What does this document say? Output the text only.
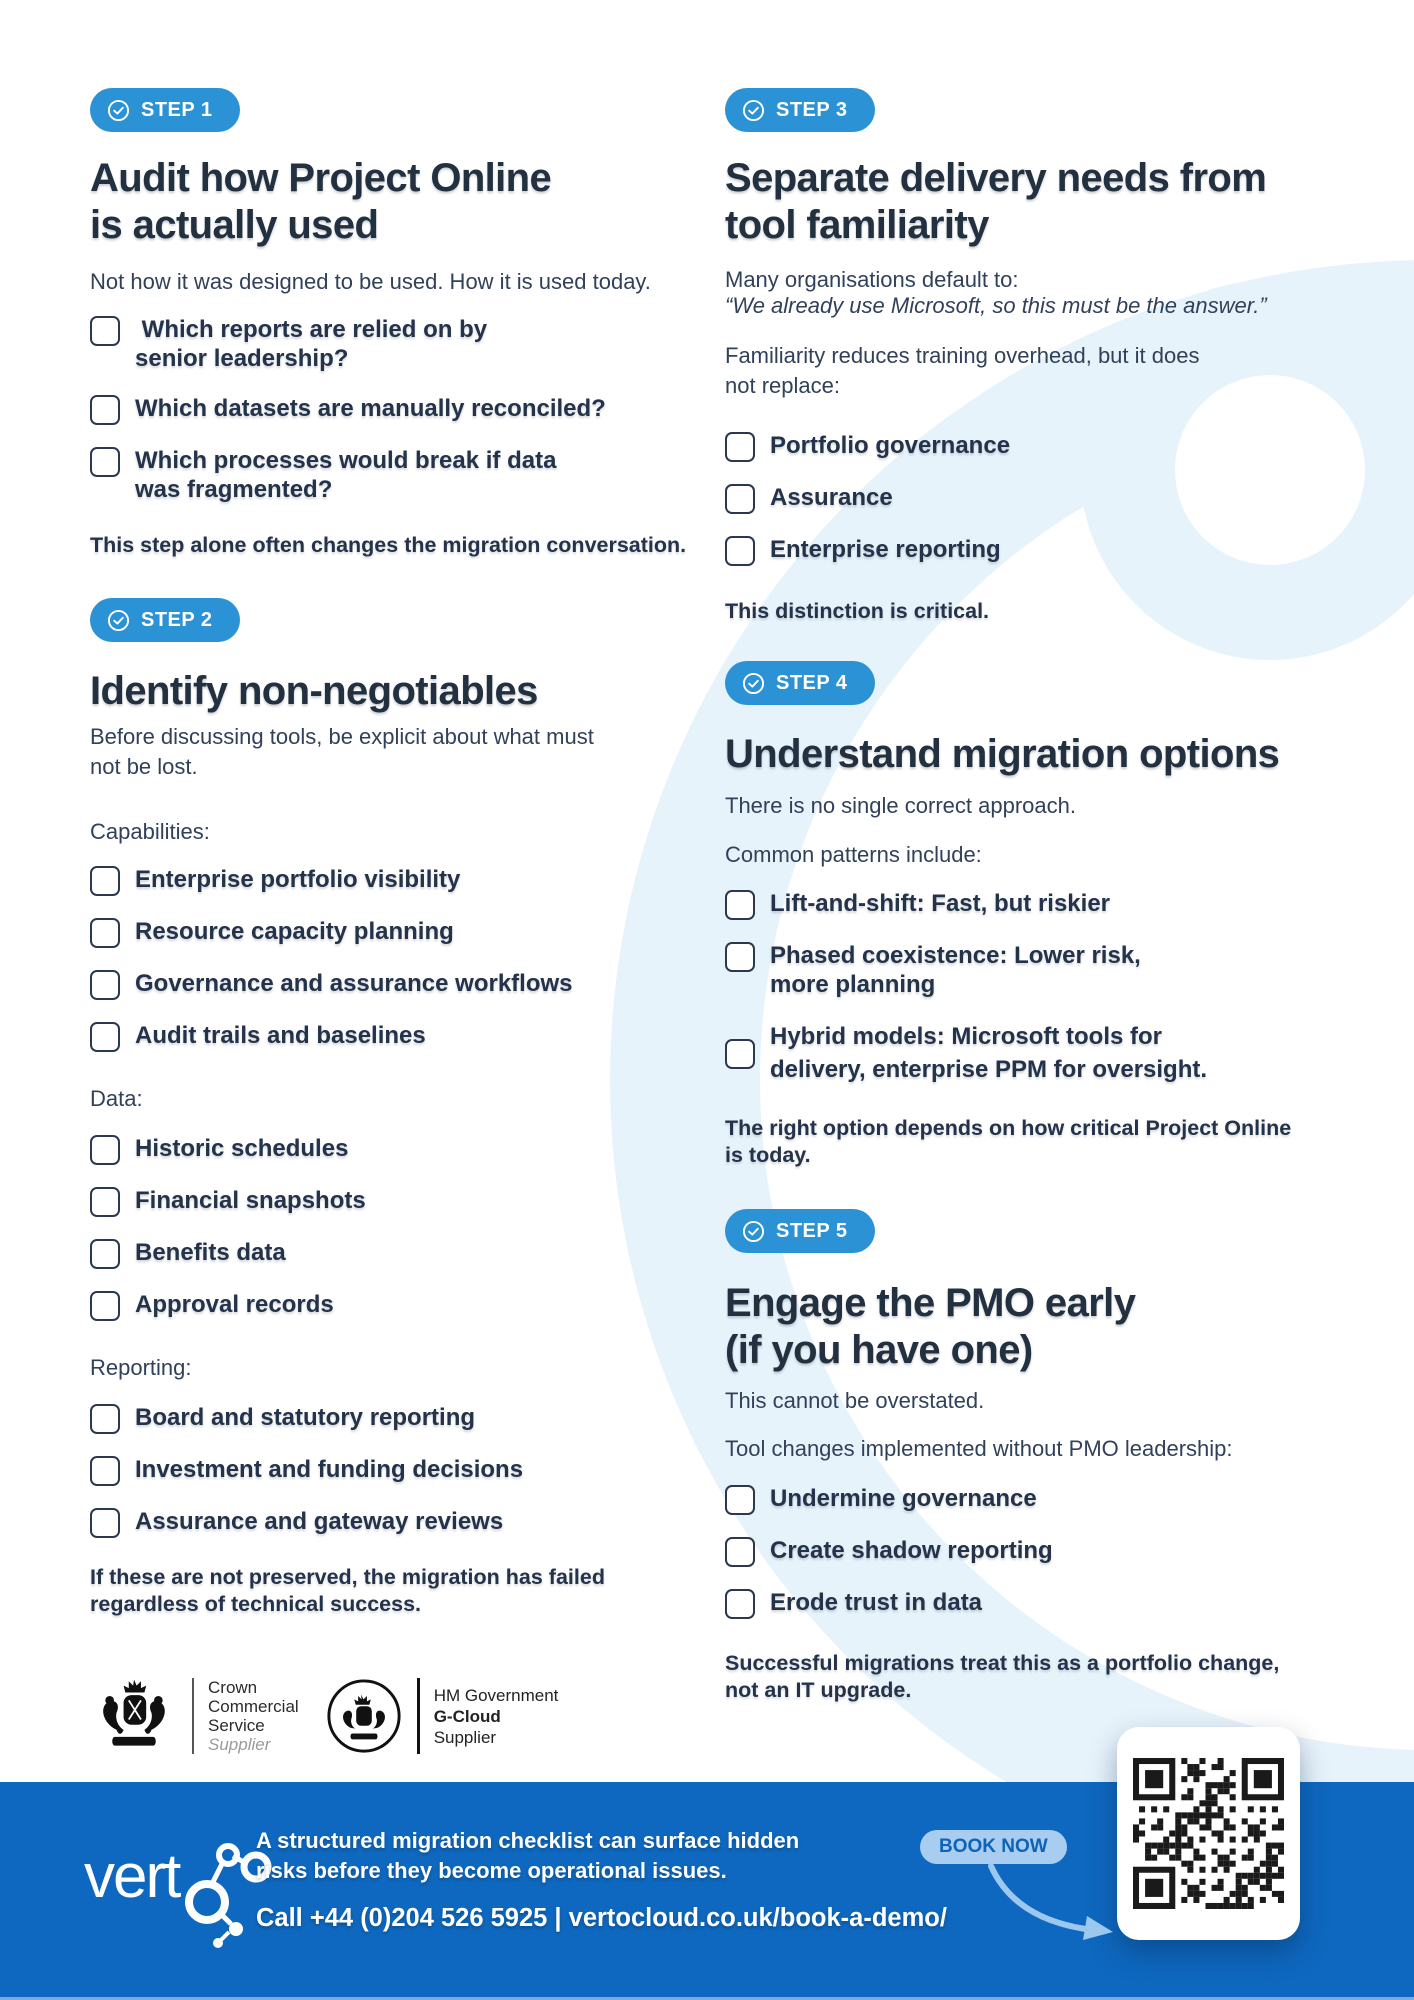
STEP 1
Audit how Project Online
is actually used
Not how it was designed to be used. How it is used today.
Which reports are relied on by
senior leadership?
Which datasets are manually reconciled?
Which processes would break if data
was fragmented?
This step alone often changes the migration conversation.
STEP 2
Identify non-negotiables
Before discussing tools, be explicit about what must
not be lost.
Capabilities:
Enterprise portfolio visibility
Resource capacity planning
Governance and assurance workflows
Audit trails and baselines
Data:
Historic schedules
Financial snapshots
Benefits data
Approval records
Reporting:
Board and statutory reporting
Investment and funding decisions
Assurance and gateway reviews
If these are not preserved, the migration has failed
regardless of technical success.
Crown
Commercial
Service
Supplier
HM Government
G-Cloud
Supplier
STEP 3
Separate delivery needs from
tool familiarity
Many organisations default to:
“We already use Microsoft, so this must be the answer.”
Familiarity reduces training overhead, but it does
not replace:
Portfolio governance
Assurance
Enterprise reporting
This distinction is critical.
STEP 4
Understand migration options
There is no single correct approach.
Common patterns include:
Lift-and-shift: Fast, but riskier
Phased coexistence: Lower risk,
more planning
Hybrid models: Microsoft tools for
delivery, enterprise PPM for oversight.
The right option depends on how critical Project Online
is today.
STEP 5
Engage the PMO early
(if you have one)
This cannot be overstated.
Tool changes implemented without PMO leadership:
Undermine governance
Create shadow reporting
Erode trust in data
Successful migrations treat this as a portfolio change,
not an IT upgrade.
vert
A structured migration checklist can surface hidden
risks before they become operational issues.
Call +44 (0)204 526 5925 | vertocloud.co.uk/book-a-demo/
BOOK NOW
